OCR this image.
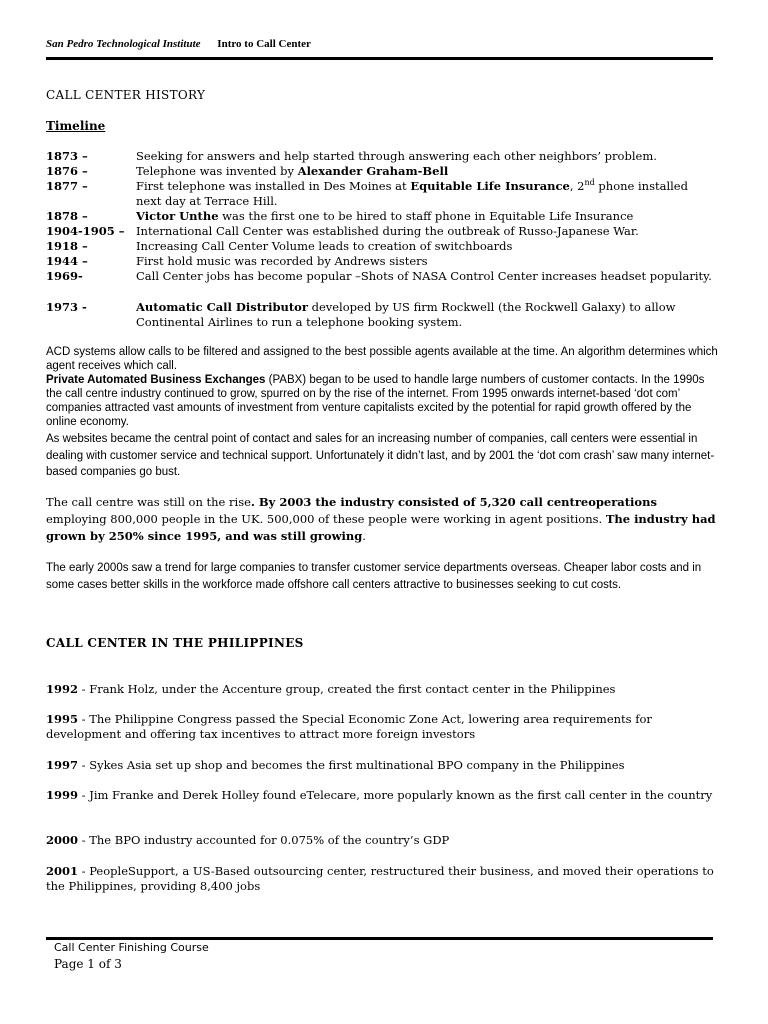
San Pedro Technological Institute Intro to Call Center
CALL CENTER HISTORY
Timeline
1873 –	Seeking for answers and help started through answering each other neighbors’ problem.
1876 –	Telephone was invented by Alexander Graham-Bell
1877 –	First telephone was installed in Des Moines at Equitable Life Insurance, 2nd phone installed next day at Terrace Hill.
1878 –	Victor Unthe was the first one to be hired to staff phone in Equitable Life Insurance
1904-1905 – International Call Center was established during the outbreak of Russo-Japanese War.
1918 –	Increasing Call Center Volume leads to creation of switchboards
1944 –	First hold music was recorded by Andrews sisters
1969-	Call Center jobs has become popular –Shots of NASA Control Center increases headset popularity.
1973 -	Automatic Call Distributor developed by US firm Rockwell (the Rockwell Galaxy) to allow Continental Airlines to run a telephone booking system.
ACD systems allow calls to be filtered and assigned to the best possible agents available at the time. An algorithm determines which agent receives which call.
Private Automated Business Exchanges (PABX) began to be used to handle large numbers of customer contacts. In the 1990s the call centre industry continued to grow, spurred on by the rise of the internet. From 1995 onwards internet-based ‘dot com’ companies attracted vast amounts of investment from venture capitalists excited by the potential for rapid growth offered by the online economy.
As websites became the central point of contact and sales for an increasing number of companies, call centers were essential in dealing with customer service and technical support. Unfortunately it didn’t last, and by 2001 the ‘dot com crash’ saw many internet-based companies go bust.
The call centre was still on the rise. By 2003 the industry consisted of 5,320 call centreoperations employing 800,000 people in the UK. 500,000 of these people were working in agent positions. The industry had grown by 250% since 1995, and was still growing.
The early 2000s saw a trend for large companies to transfer customer service departments overseas. Cheaper labor costs and in some cases better skills in the workforce made offshore call centers attractive to businesses seeking to cut costs.
CALL CENTER IN THE PHILIPPINES
1992 - Frank Holz, under the Accenture group, created the first contact center in the Philippines
1995 - The Philippine Congress passed the Special Economic Zone Act, lowering area requirements for development and offering tax incentives to attract more foreign investors
1997 - Sykes Asia set up shop and becomes the first multinational BPO company in the Philippines
1999 - Jim Franke and Derek Holley found eTelecare, more popularly known as the first call center in the country
2000 - The BPO industry accounted for 0.075% of the country’s GDP
2001 - PeopleSupport, a US-Based outsourcing center, restructured their business, and moved their operations to the Philippines, providing 8,400 jobs
Call Center Finishing Course
Page 1 of 3
